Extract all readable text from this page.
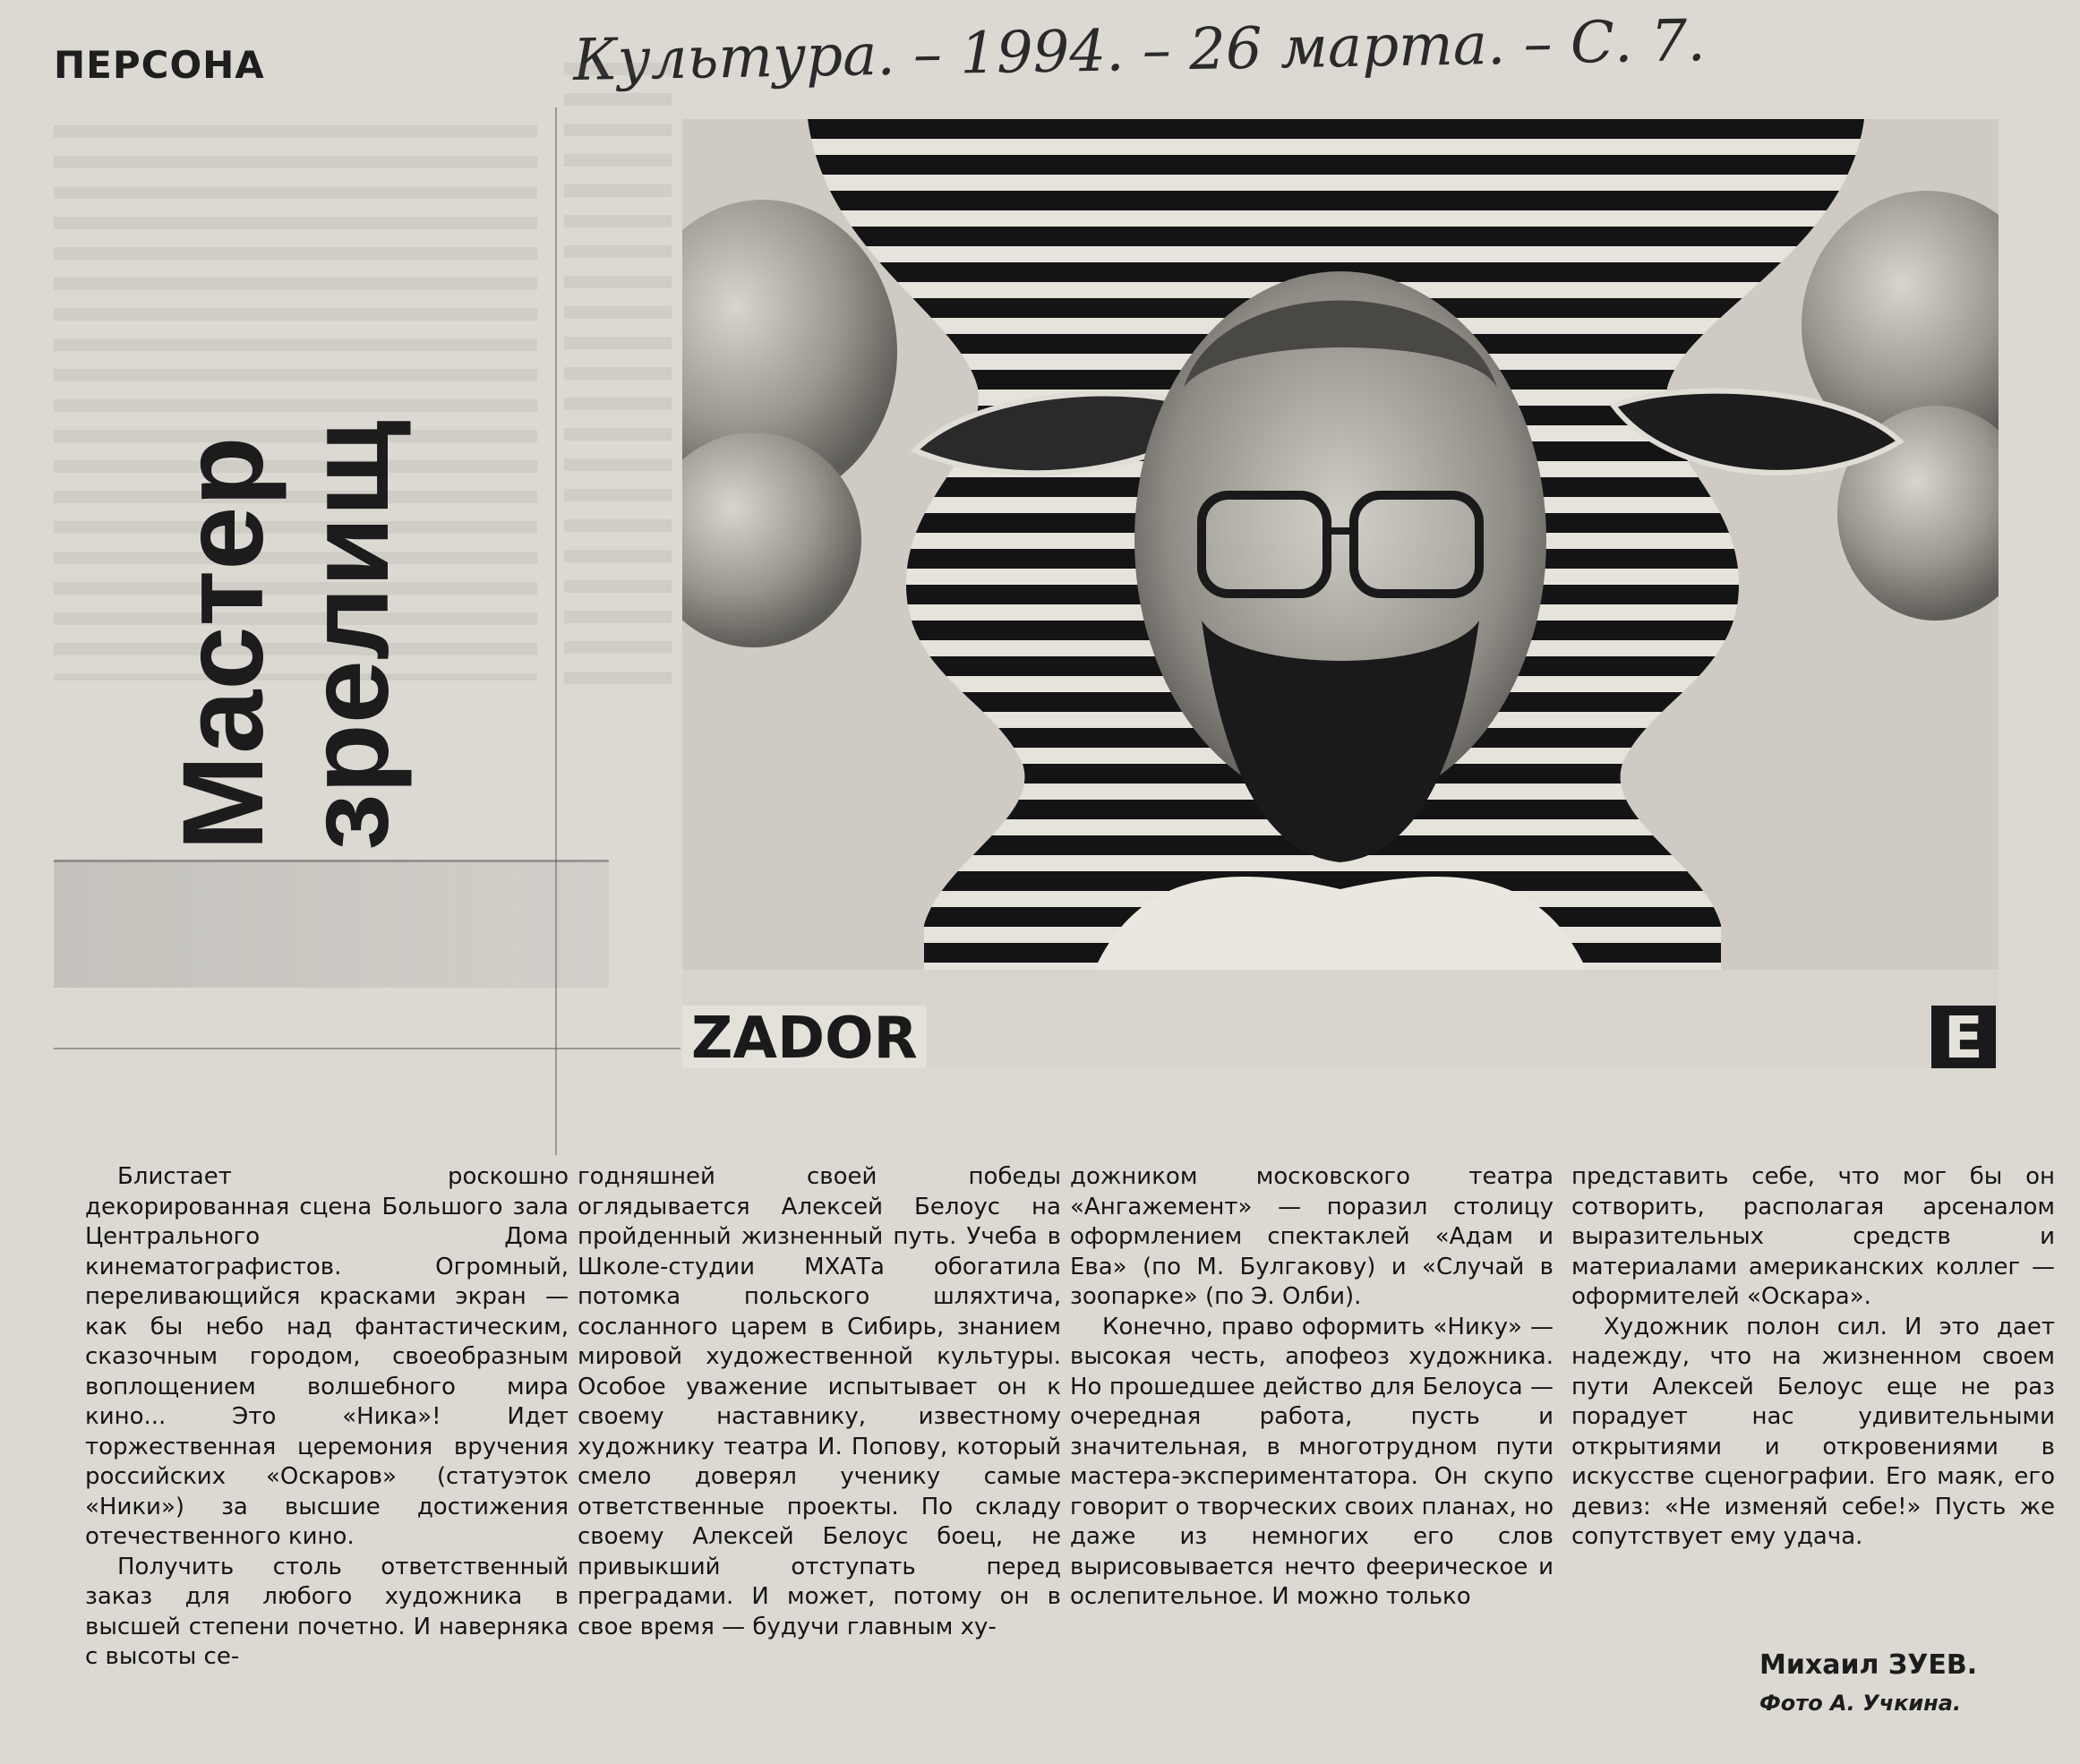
ПЕРСОНА	Культура. – 1994. – 26 марта. – С. 7.
Мастер
зрелищ
ZADOR	E

Блистает роскошно декорированная сцена Большого зала Центрального Дома кинематографистов. Огромный, переливающийся красками экран — как бы небо над фантастическим, сказочным городом, своеобразным воплощением волшебного мира кино... Это «Ника»! Идет торжественная церемония вручения российских «Оскаров» (статуэток «Ники») за высшие достижения отечественного кино.

Получить столь ответственный заказ для любого художника в высшей степени почетно. И наверняка с высоты се-

годняшней своей победы оглядывается Алексей Белоус на пройденный жизненный путь. Учеба в Школе-студии МХАТа обогатила потомка польского шляхтича, сосланного царем в Сибирь, знанием мировой художественной культуры. Особое уважение испытывает он к своему наставнику, известному художнику театра И. Попову, который смело доверял ученику самые ответственные проекты. По складу своему Алексей Белоус боец, не привыкший отступать перед преградами. И может, потому он в свое время — будучи главным ху-

дожником московского театра «Ангажемент» — поразил столицу оформлением спектаклей «Адам и Ева» (по М. Булгакову) и «Случай в зоопарке» (по Э. Олби).

Конечно, право оформить «Нику» — высокая честь, апофеоз художника. Но прошедшее действо для Белоуса — очередная работа, пусть и значительная, в многотрудном пути мастера-экспериментатора. Он скупо говорит о творческих своих планах, но даже из немногих его слов вырисовывается нечто феерическое и ослепительное. И можно только

представить себе, что мог бы он сотворить, располагая арсеналом выразительных средств и материалами американских коллег — оформителей «Оскара».

Художник полон сил. И это дает надежду, что на жизненном своем пути Алексей Белоус еще не раз порадует нас удивительными открытиями и откровениями в искусстве сценографии. Его маяк, его девиз: «Не изменяй себе!» Пусть же сопутствует ему удача.

Михаил ЗУЕВ.
Фото А. Учкина.
